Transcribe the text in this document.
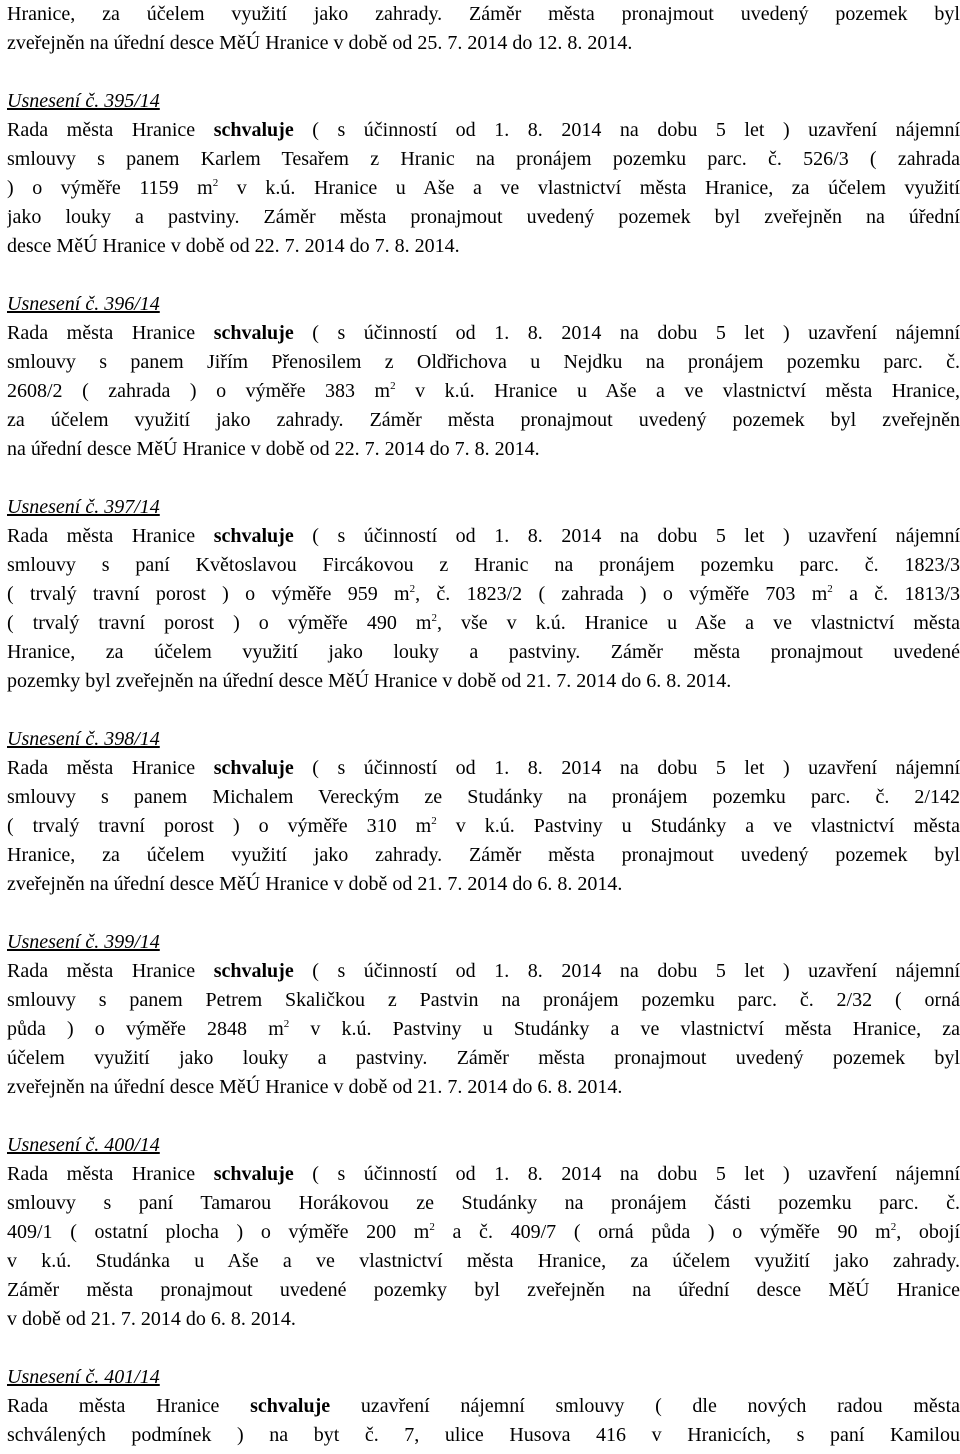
Hranice, za účelem využití jako zahrady. Záměr města pronajmout uvedený pozemek byl
zveřejněn na úřední desce MěÚ Hranice v době od 25. 7. 2014 do 12. 8. 2014.
Usnesení č. 395/14
Rada města Hranice schvaluje ( s účinností od 1. 8. 2014 na dobu 5 let ) uzavření nájemní
smlouvy s panem Karlem Tesařem z Hranic na pronájem pozemku parc. č. 526/3 ( zahrada
) o výměře 1159 $m^2$ v k.ú. Hranice u Aše a ve vlastnictví města Hranice, za účelem využití
jako louky a pastviny. Záměr města pronajmout uvedený pozemek byl zveřejněn na úřední
desce MěÚ Hranice v době od 22. 7. 2014 do 7. 8. 2014.
Usnesení č. 396/14
Rada města Hranice schvaluje ( s účinností od 1. 8. 2014 na dobu 5 let ) uzavření nájemní
smlouvy s panem Jiřím Přenosilem z Oldřichova u Nejdku na pronájem pozemku parc. č.
2608/2 ( zahrada ) o výměře 383 $m^2$ v k.ú. Hranice u Aše a ve vlastnictví města Hranice,
za účelem využití jako zahrady. Záměr města pronajmout uvedený pozemek byl zveřejněn
na úřední desce MěÚ Hranice v době od 22. 7. 2014 do 7. 8. 2014.
Usnesení č. 397/14
Rada města Hranice schvaluje ( s účinností od 1. 8. 2014 na dobu 5 let ) uzavření nájemní
smlouvy s paní Květoslavou Fircákovou z Hranic na pronájem pozemku parc. č. 1823/3
( trvalý travní porost ) o výměře 959 $m^2$, č. 1823/2 ( zahrada ) o výměře 703 $m^2$ a č. 1813/3
( trvalý travní porost ) o výměře 490 $m^2$, vše v k.ú. Hranice u Aše a ve vlastnictví města
Hranice, za účelem využití jako louky a pastviny. Záměr města pronajmout uvedené
pozemky byl zveřejněn na úřední desce MěÚ Hranice v době od 21. 7. 2014 do 6. 8. 2014.
Usnesení č. 398/14
Rada města Hranice schvaluje ( s účinností od 1. 8. 2014 na dobu 5 let ) uzavření nájemní
smlouvy s panem Michalem Vereckým ze Studánky na pronájem pozemku parc. č. 2/142
( trvalý travní porost ) o výměře 310 $m^2$ v k.ú. Pastviny u Studánky a ve vlastnictví města
Hranice, za účelem využití jako zahrady. Záměr města pronajmout uvedený pozemek byl
zveřejněn na úřední desce MěÚ Hranice v době od 21. 7. 2014 do 6. 8. 2014.
Usnesení č. 399/14
Rada města Hranice schvaluje ( s účinností od 1. 8. 2014 na dobu 5 let ) uzavření nájemní
smlouvy s panem Petrem Skaličkou z Pastvin na pronájem pozemku parc. č. 2/32 ( orná
půda ) o výměře 2848 $m^2$ v k.ú. Pastviny u Studánky a ve vlastnictví města Hranice, za
účelem využití jako louky a pastviny. Záměr města pronajmout uvedený pozemek byl
zveřejněn na úřední desce MěÚ Hranice v době od 21. 7. 2014 do 6. 8. 2014.
Usnesení č. 400/14
Rada města Hranice schvaluje ( s účinností od 1. 8. 2014 na dobu 5 let ) uzavření nájemní
smlouvy s paní Tamarou Horákovou ze Studánky na pronájem části pozemku parc. č.
409/1 ( ostatní plocha ) o výměře 200 $m^2$ a č. 409/7 ( orná půda ) o výměře 90 $m^2$, obojí
v k.ú. Studánka u Aše a ve vlastnictví města Hranice, za účelem využití jako zahrady.
Záměr města pronajmout uvedené pozemky byl zveřejněn na úřední desce MěÚ Hranice
v době od 21. 7. 2014 do 6. 8. 2014.
Usnesení č. 401/14
Rada města Hranice schvaluje uzavření nájemní smlouvy ( dle nových radou města
schválených podmínek ) na byt č. 7, ulice Husova 416 v Hranicích, s paní Kamilou
